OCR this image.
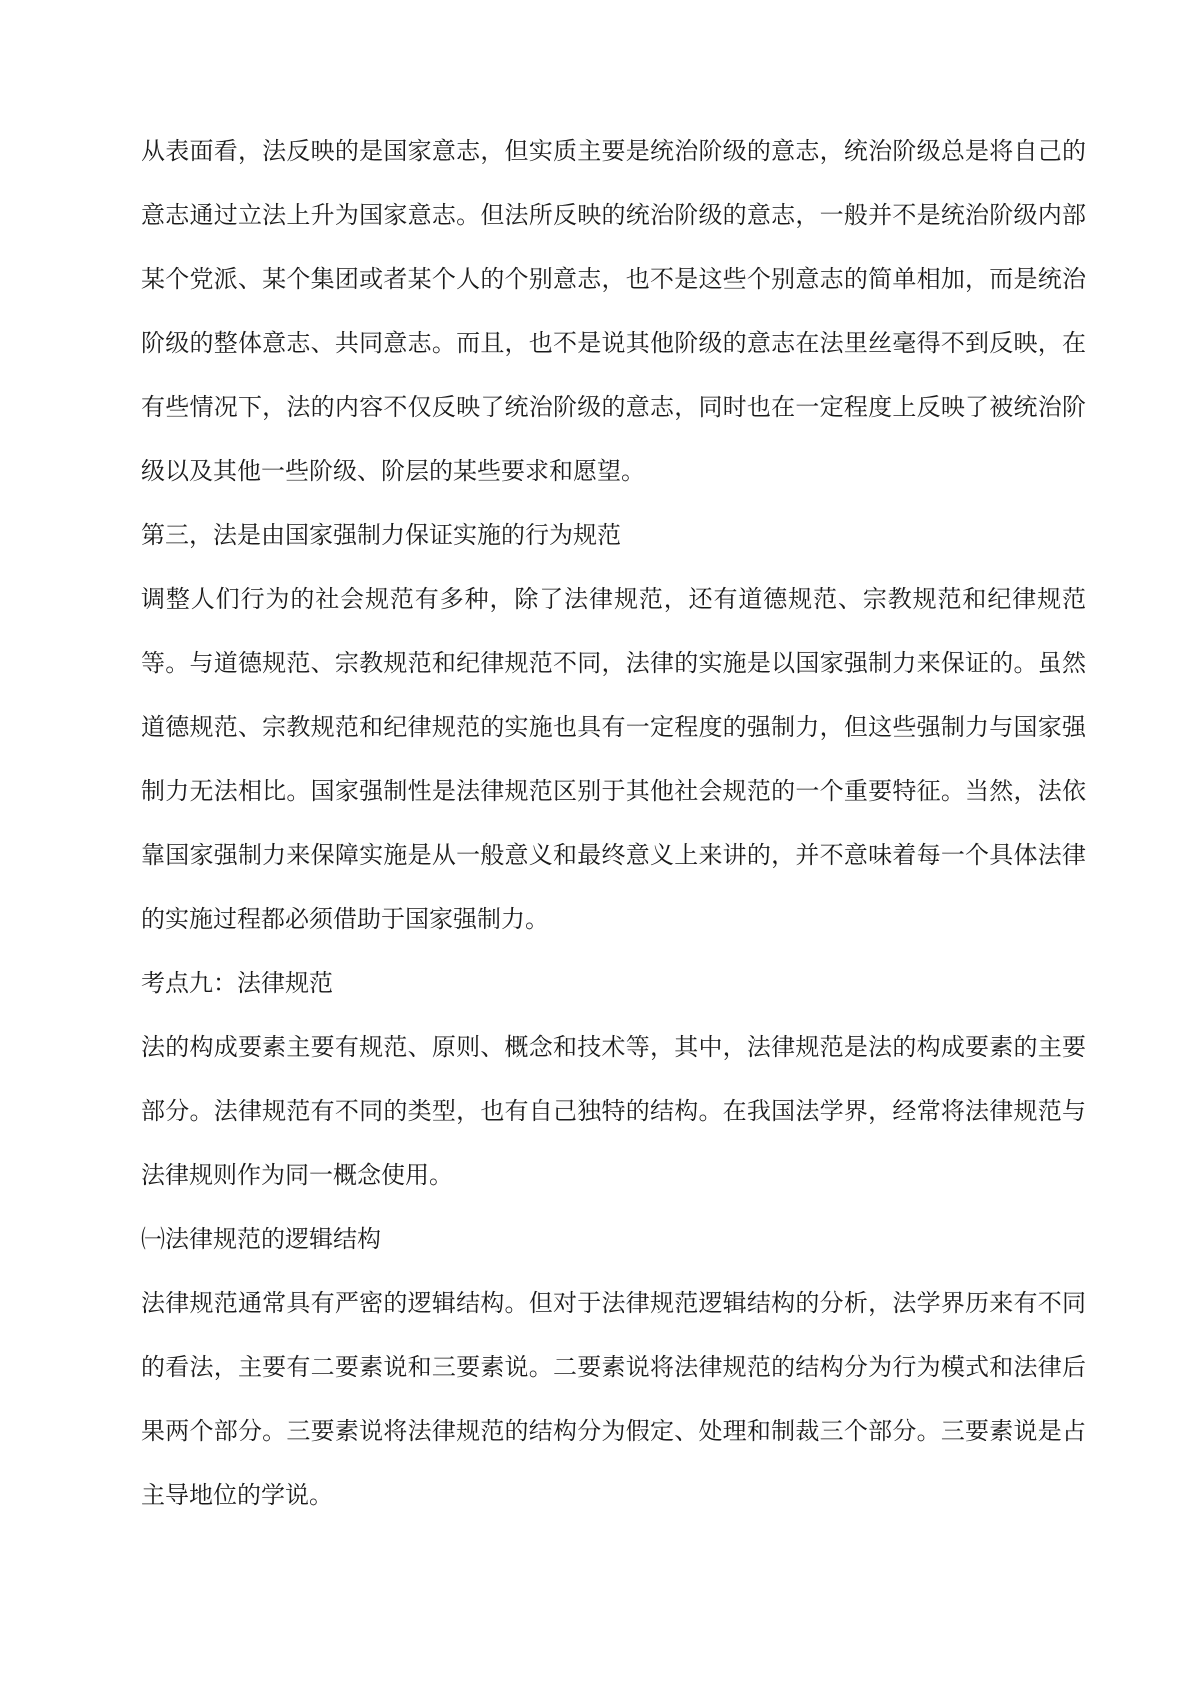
从表面看，法反映的是国家意志，但实质主要是统治阶级的意志，统治阶级总是将自己的意志通过立法上升为国家意志。但法所反映的统治阶级的意志，一般并不是统治阶级内部某个党派、某个集团或者某个人的个别意志，也不是这些个别意志的简单相加，而是统治阶级的整体意志、共同意志。而且，也不是说其他阶级的意志在法里丝毫得不到反映，在有些情况下，法的内容不仅反映了统治阶级的意志，同时也在一定程度上反映了被统治阶级以及其他一些阶级、阶层的某些要求和愿望。

第三，法是由国家强制力保证实施的行为规范

调整人们行为的社会规范有多种，除了法律规范，还有道德规范、宗教规范和纪律规范等。与道德规范、宗教规范和纪律规范不同，法律的实施是以国家强制力来保证的。虽然道德规范、宗教规范和纪律规范的实施也具有一定程度的强制力，但这些强制力与国家强制力无法相比。国家强制性是法律规范区别于其他社会规范的一个重要特征。当然，法依靠国家强制力来保障实施是从一般意义和最终意义上来讲的，并不意味着每一个具体法律的实施过程都必须借助于国家强制力。

考点九：法律规范

法的构成要素主要有规范、原则、概念和技术等，其中，法律规范是法的构成要素的主要部分。法律规范有不同的类型，也有自己独特的结构。在我国法学界，经常将法律规范与法律规则作为同一概念使用。

㈠法律规范的逻辑结构

法律规范通常具有严密的逻辑结构。但对于法律规范逻辑结构的分析，法学界历来有不同的看法，主要有二要素说和三要素说。二要素说将法律规范的结构分为行为模式和法律后果两个部分。三要素说将法律规范的结构分为假定、处理和制裁三个部分。三要素说是占主导地位的学说。
